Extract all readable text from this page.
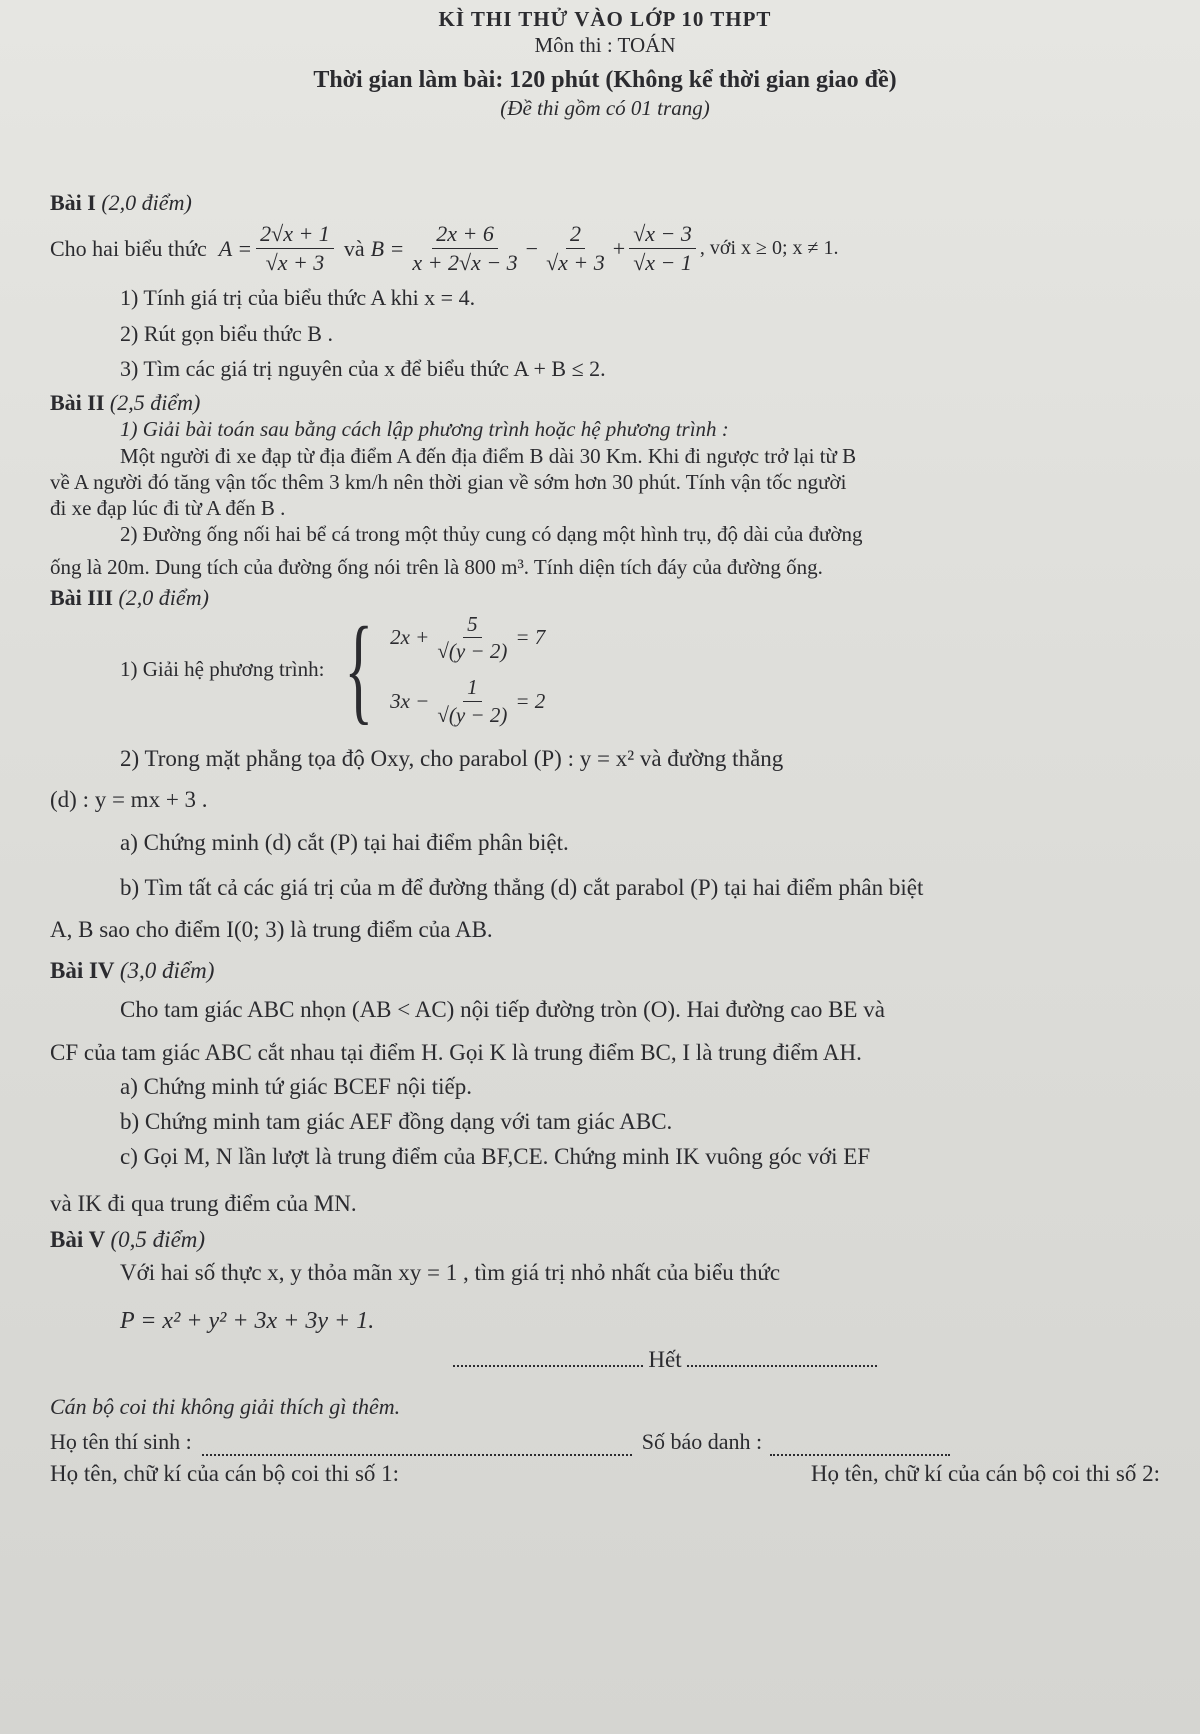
KÌ THI THỬ VÀO LỚP 10 THPT
Môn thi : TOÁN
Thời gian làm bài: 120 phút (Không kể thời gian giao đề)
(Đề thi gồm có 01 trang)
Bài I (2,0 điểm)
Cho hai biểu thức $A = \frac{2√x + 1}{√x + 3}$ và $B = \frac{2x + 6}{x + 2√x - 3} - \frac{2}{√x + 3} + \frac{√x - 3}{√x - 1}$ , với x ≥ 0; x ≠ 1.
1) Tính giá trị của biểu thức A khi x = 4.
2) Rút gọn biểu thức B .
3) Tìm các giá trị nguyên của x để biểu thức A + B ≤ 2.
Bài II (2,5 điểm)
1) Giải bài toán sau bằng cách lập phương trình hoặc hệ phương trình :
Một người đi xe đạp từ địa điểm A đến địa điểm B dài 30 Km. Khi đi ngược trở lại từ B
về A người đó tăng vận tốc thêm 3 km/h nên thời gian về sớm hơn 30 phút. Tính vận tốc người
đi xe đạp lúc đi từ A đến B .
2) Đường ống nối hai bể cá trong một thủy cung có dạng một hình trụ, độ dài của đường
ống là 20m. Dung tích của đường ống nói trên là 800 m³. Tính diện tích đáy của đường ống.
Bài III (2,0 điểm)
1) Giải hệ phương trình: { $2x + \frac{5}{√(y - 2)} = 7$
$3x - \frac{1}{√(y - 2)} = 2$
2) Trong mặt phẳng tọa độ Oxy, cho parabol (P) : y = x² và đường thẳng
(d) : y = mx + 3 .
a) Chứng minh (d) cắt (P) tại hai điểm phân biệt.
b) Tìm tất cả các giá trị của m để đường thẳng (d) cắt parabol (P) tại hai điểm phân biệt
A, B sao cho điểm I(0; 3) là trung điểm của AB.
Bài IV (3,0 điểm)
Cho tam giác ABC nhọn (AB < AC) nội tiếp đường tròn (O). Hai đường cao BE và
CF của tam giác ABC cắt nhau tại điểm H. Gọi K là trung điểm BC, I là trung điểm AH.
a) Chứng minh tứ giác BCEF nội tiếp.
b) Chứng minh tam giác AEF đồng dạng với tam giác ABC.
c) Gọi M, N lần lượt là trung điểm của BF,CE. Chứng minh IK vuông góc với EF
và IK đi qua trung điểm của MN.
Bài V (0,5 điểm)
Với hai số thực x, y thỏa mãn xy = 1 , tìm giá trị nhỏ nhất của biểu thức
P = x² + y² + 3x + 3y + 1.
Hết
Cán bộ coi thi không giải thích gì thêm.
Họ tên thí sinh :	Số báo danh :
Họ tên, chữ kí của cán bộ coi thi số 1:	Họ tên, chữ kí của cán bộ coi thi số 2:
